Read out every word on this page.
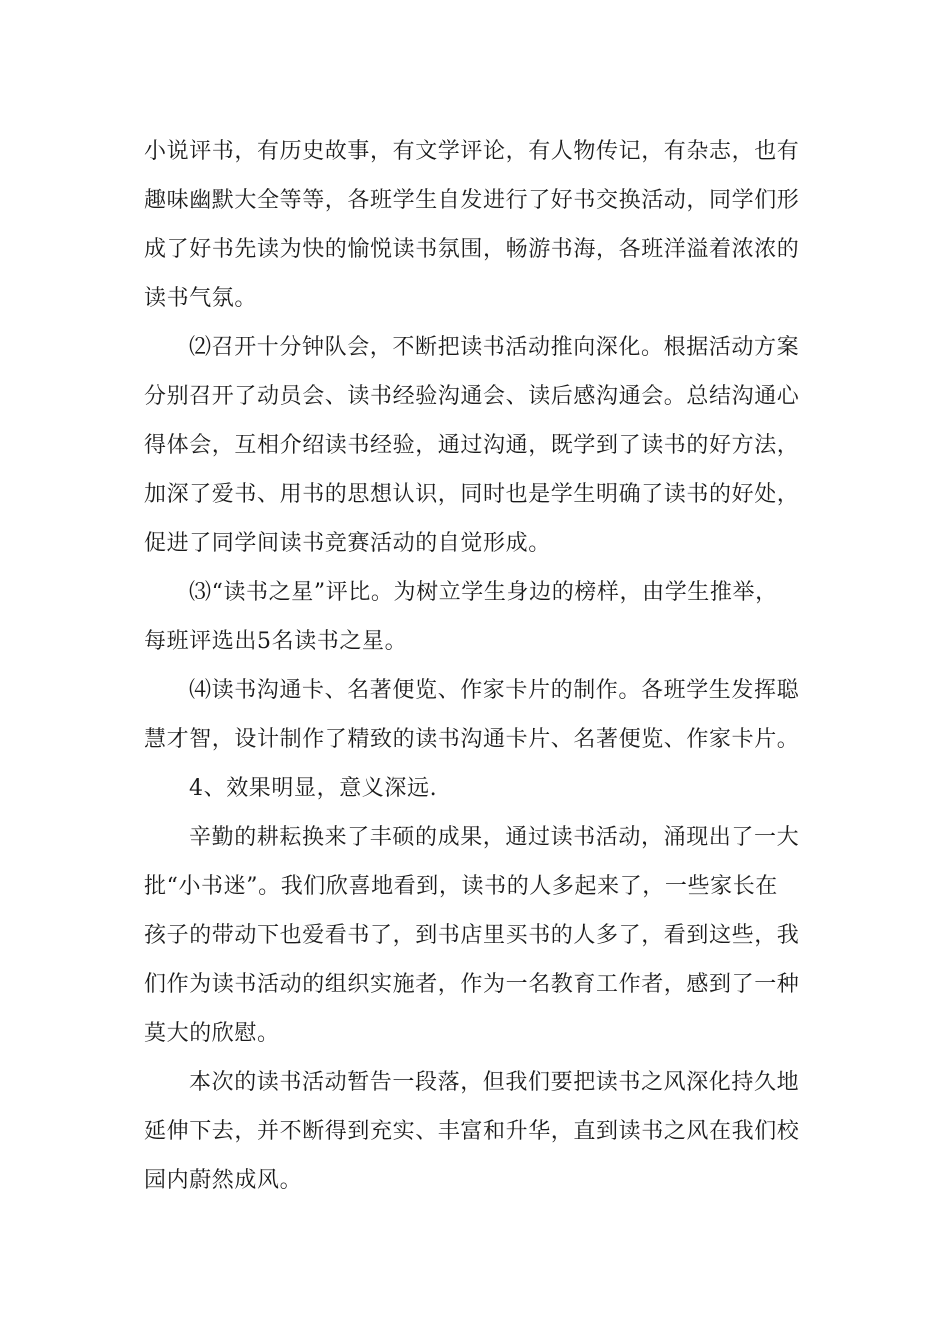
小说评书，有历史故事，有文学评论，有人物传记，有杂志，也有
趣味幽默大全等等，各班学生自发进行了好书交换活动，同学们形
成了好书先读为快的愉悦读书氛围，畅游书海，各班洋溢着浓浓的
读书气氛。
⑵召开十分钟队会，不断把读书活动推向深化。根据活动方案
分别召开了动员会、读书经验沟通会、读后感沟通会。总结沟通心
得体会，互相介绍读书经验，通过沟通，既学到了读书的好方法，
加深了爱书、用书的思想认识，同时也是学生明确了读书的好处，
促进了同学间读书竞赛活动的自觉形成。
⑶“读书之星”评比。为树立学生身边的榜样，由学生推举，
每班评选出5名读书之星。
⑷读书沟通卡、名著便览、作家卡片的制作。各班学生发挥聪
慧才智，设计制作了精致的读书沟通卡片、名著便览、作家卡片。
4、效果明显，意义深远.
辛勤的耕耘换来了丰硕的成果，通过读书活动，涌现出了一大
批“小书迷”。我们欣喜地看到，读书的人多起来了，一些家长在
孩子的带动下也爱看书了，到书店里买书的人多了，看到这些，我
们作为读书活动的组织实施者，作为一名教育工作者，感到了一种
莫大的欣慰。
本次的读书活动暂告一段落，但我们要把读书之风深化持久地
延伸下去，并不断得到充实、丰富和升华，直到读书之风在我们校
园内蔚然成风。
